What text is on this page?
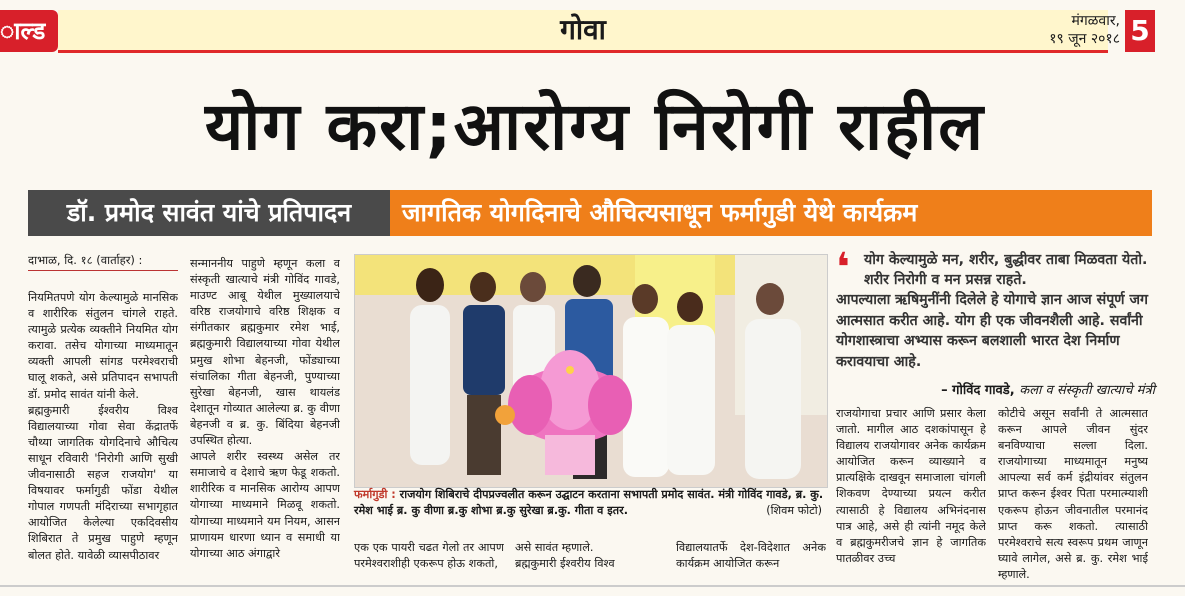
ाल्ड	गोवा	मंगळवार,
१९ जून २०१८ 5
योग करा;आरोग्य निरोगी राहील
डॉ. प्रमोद सावंत यांचे प्रतिपादन	जागतिक योगदिनाचे औचित्यसाधून फर्मागुडी येथे कार्यक्रम
दाभाळ, दि. १८ (वार्ताहर) :
नियमितपणे योग केल्यामुळे मानसिक व शारीरिक संतुलन चांगले राहते. त्यामुळे प्रत्येक व्यक्तीने नियमित योग करावा. तसेच योगाच्या माध्यमातून व्यक्ती आपली सांगड परमेश्वराची घालू शकते, असे प्रतिपादन सभापती डॉ. प्रमोद सावंत यांनी केले.
ब्रह्मकुमारी ईश्वरीय विश्व विद्यालयाच्या गोवा सेवा केंद्रातर्फे चौथ्या जागतिक योगदिनाचे औचित्य साधून रविवारी 'निरोगी आणि सुखी जीवनासाठी सहज राजयोग' या विषयावर फर्मागुडी फोंडा येथील गोपाल गणपती मंदिराच्या सभागृहात आयोजित केलेल्या एकदिवसीय शिबिरात ते प्रमुख पाहुणे म्हणून बोलत होते. यावेळी व्यासपीठावर
सन्माननीय पाहुणे म्हणून कला व संस्कृती खात्याचे मंत्री गोविंद गावडे, माउण्ट आबू येथील मुख्यालयाचे वरिष्ठ राजयोगाचे वरिष्ठ शिक्षक व संगीतकार ब्रह्मकुमार रमेश भाई, ब्रह्मकुमारी विद्यालयाच्या गोवा येथील प्रमुख शोभा बेहनजी, फोंड्याच्या संचालिका गीता बेहनजी, पुण्याच्या सुरेखा बेहनजी, खास थायलंड देशातून गोव्यात आलेल्या ब्र. कु वीणा बेहनजी व ब्र. कु. बिंदिया बेहनजी उपस्थित होत्या.
आपले शरीर स्वस्थ्य असेल तर समाजाचे व देशाचे ऋण फेडू शकतो. शारीरिक व मानसिक आरोग्य आपण योगाच्या माध्यमाने मिळवू शकतो. योगाच्या माध्यमाने यम नियम, आसन प्राणायम धारणा ध्यान व समाधी या योगाच्या आठ अंगाद्वारे
फर्मागुडी : राजयोग शिबिराचे दीपप्रज्वलीत करून उद्घाटन करताना सभापती प्रमोद सावंत. मंत्री गोविंद गावडे, ब्र. कु. रमेश भाई ब्र. कु वीणा ब्र.कु शोभा ब्र.कु सुरेखा ब्र.कु. गीता व इतर.	(शिवम फोटो)
एक एक पायरी चढत गेलो तर आपण परमेश्वराशीही एकरूप होऊ शकतो,
असे सावंत म्हणाले.
ब्रह्मकुमारी ईश्वरीय विश्व
विद्यालयातर्फे देश-विदेशात अनेक कार्यक्रम आयोजित करून
❛ योग केल्यामुळे मन, शरीर, बुद्धीवर ताबा मिळवता येतो. शरीर निरोगी व मन प्रसन्न राहते.
आपल्याला ऋषिमुनींनी दिलेले हे योगाचे ज्ञान आज संपूर्ण जग आत्मसात करीत आहे. योग ही एक जीवनशैली आहे. सर्वांनी योगशास्त्राचा अभ्यास करून बलशाली भारत देश निर्माण करावयाचा आहे.
– गोविंद गावडे, कला व संस्कृती खात्याचे मंत्री
राजयोगाचा प्रचार आणि प्रसार केला जातो. मागील आठ दशकांपासून हे विद्यालय राजयोगावर अनेक कार्यक्रम आयोजित करून व्याख्याने व प्रात्यक्षिके दाखवून समाजाला चांगली शिकवण देण्याच्या प्रयत्न करीत त्यासाठी हे विद्यालय अभिनंदनास पात्र आहे, असे ही त्यांनी नमूद केले व ब्रह्मकुमरीजचे ज्ञान हे जागतिक पातळीवर उच्च
कोटीचे असून सर्वांनी ते आत्मसात करून आपले जीवन सुंदर बनविण्याचा सल्ला दिला. राजयोगाच्या माध्यमातून मनुष्य आपल्या सर्व कर्म इंद्रीयांवर संतुलन प्राप्त करून ईश्वर पिता परमात्म्याशी एकरूप होऊन जीवनातील परमानंद प्राप्त करू शकतो. त्यासाठी परमेश्वराचे सत्य स्वरूप प्रथम जाणून घ्यावे लागेल, असे ब्र. कु. रमेश भाई म्हणाले.
